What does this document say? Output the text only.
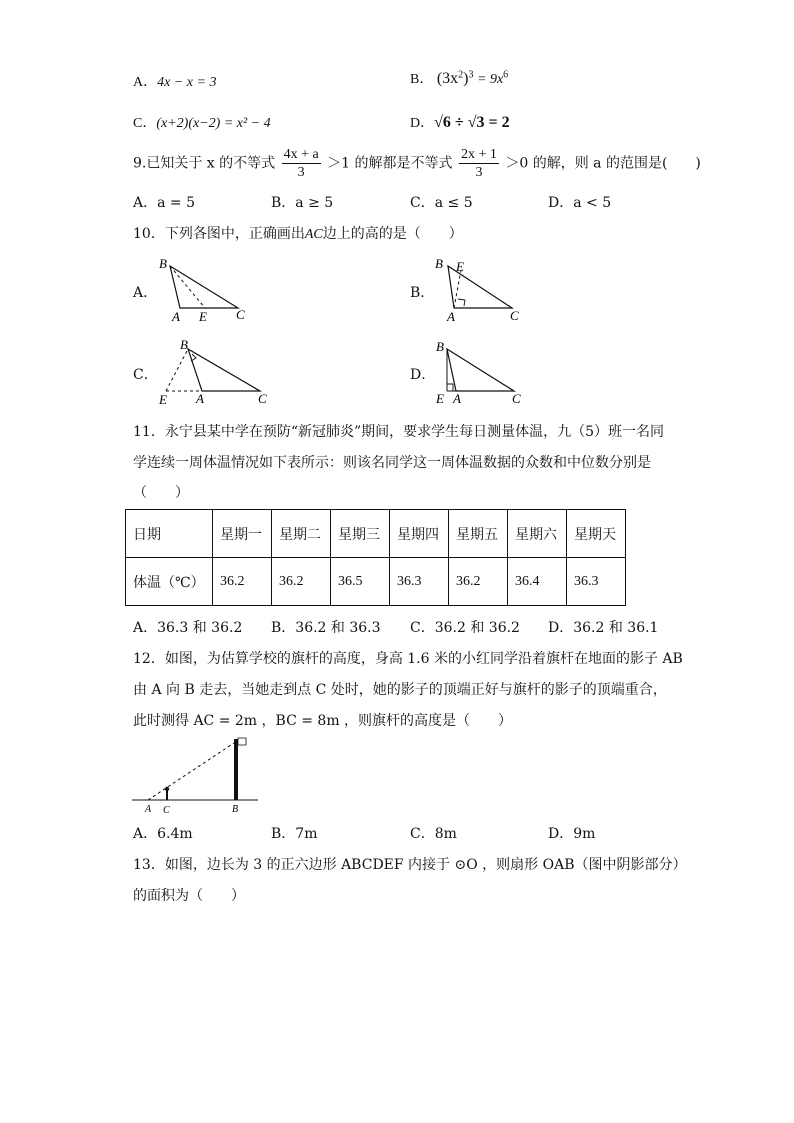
A．4x − x = 3	B． $(3x^2)^3 = 9x^6$
C．(x+2)(x−2) = x² − 4	D．√6 ÷ √3 = 2
9.已知关于 x 的不等式 $\frac{4x + a}{3} >1$ 的解都是不等式 $\frac{2x + 1}{3} >0$ 的解，则 a 的范围是(　　)
A．a = 5	B．a ≥ 5	C．a ≤ 5	D．a < 5
10．下列各图中，正确画出AC边上的高的是（　　）
A．
B
A E C
B．
B E
A	C
C．
B
E A	C
D．
B
E A	C
11．永宁县某中学在预防“新冠肺炎”期间，要求学生每日测量体温，九（5）班一名同
学连续一周体温情况如下表所示：则该名同学这一周体温数据的众数和中位数分别是
（　　）
日期	星期一	星期二	星期三	星期四	星期五	星期六	星期天
体温（℃）	36.2	36.2	36.5	36.3	36.2	36.4	36.3
A．36.3 和 36.2 B．36.2 和 36.3 C．36.2 和 36.2 D．36.2 和 36.1
12．如图，为估算学校的旗杆的高度，身高 1.6 米的小红同学沿着旗杆在地面的影子 AB
由 A 向 B 走去，当她走到点 C 处时，她的影子的顶端正好与旗杆的影子的顶端重合，
此时测得 AC = 2m ，BC = 8m ，则旗杆的高度是（　　）
A C	B
A．6.4m	B．7m	C．8m	D．9m
13．如图，边长为 3 的正六边形 ABCDEF 内接于 ⊙O ，则扇形 OAB（图中阴影部分）
的面积为（　　）
